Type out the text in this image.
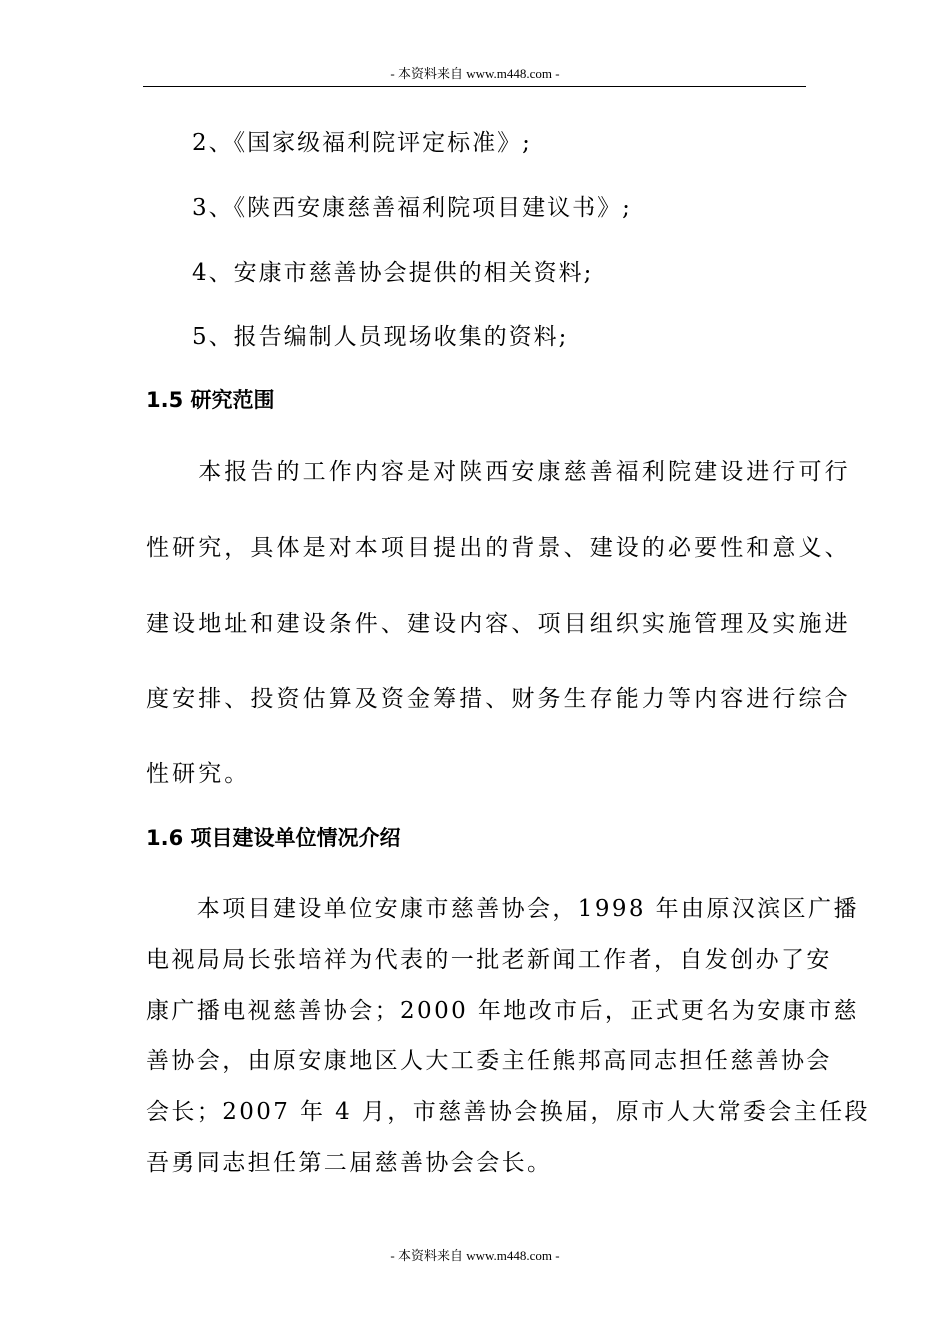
- 本资料来自 www.m448.com -
2、《国家级福利院评定标准》;
3、《陕西安康慈善福利院项目建议书》;
4、安康市慈善协会提供的相关资料;
5、报告编制人员现场收集的资料;
1.5 研究范围
　　本报告的工作内容是对陕西安康慈善福利院建设进行可行
性研究，具体是对本项目提出的背景、建设的必要性和意义、
建设地址和建设条件、建设内容、项目组织实施管理及实施进
度安排、投资估算及资金筹措、财务生存能力等内容进行综合
性研究。
1.6 项目建设单位情况介绍
　　本项目建设单位安康市慈善协会，1998 年由原汉滨区广播
电视局局长张培祥为代表的一批老新闻工作者，自发创办了安
康广播电视慈善协会；2000 年地改市后，正式更名为安康市慈
善协会，由原安康地区人大工委主任熊邦高同志担任慈善协会
会长；2007 年 4 月，市慈善协会换届，原市人大常委会主任段
吾勇同志担任第二届慈善协会会长。
- 本资料来自 www.m448.com -
